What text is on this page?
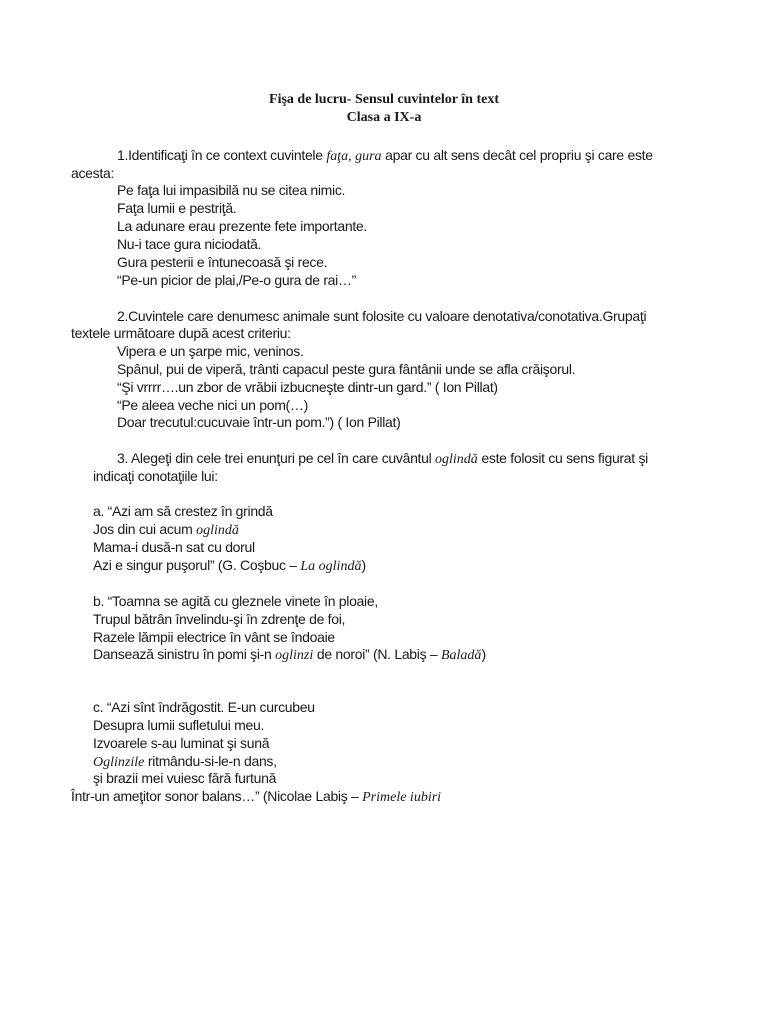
Fişa de lucru- Sensul cuvintelor în text
Clasa a IX-a
1.Identificaţi în ce context cuvintele faţa, gura apar cu alt sens decât cel propriu şi care este
acesta:
Pe faţa lui impasibilă nu se citea nimic.
Faţa lumii e pestriţă.
La adunare erau prezente fete importante.
Nu-i tace gura niciodată.
Gura pesterii e întunecoasă şi rece.
“Pe-un picior de plai,/Pe-o gura de rai…”
2.Cuvintele care denumesc animale sunt folosite cu valoare denotativa/conotativa.Grupaţi
textele următoare după acest criteriu:
Vipera e un şarpe mic, veninos.
Spânul, pui de viperă, trânti capacul peste gura fântânii unde se afla crăişorul.
“Şi vrrrr….un zbor de vrăbii izbucneşte dintr-un gard.” ( Ion Pillat)
“Pe aleea veche nici un pom(…)
Doar trecutul:cucuvaie într-un pom.”) ( Ion Pillat)
3. Alegeţi din cele trei enunţuri pe cel în care cuvântul oglindă este folosit cu sens figurat şi
indicaţi conotaţiile lui:
a. “Azi am să crestez în grindă
Jos din cui acum oglindă
Mama-i dusă-n sat cu dorul
Azi e singur puşorul” (G. Coşbuc – La oglindă)
b. “Toamna se agită cu gleznele vinete în ploaie,
Trupul bătrân învelindu-şi în zdrenţe de foi,
Razele lămpii electrice în vânt se îndoaie
Dansează sinistru în pomi şi-n oglinzi de noroi” (N. Labiş – Baladă)
c. “Azi sînt îndrăgostit. E-un curcubeu
Desupra lumii sufletului meu.
Izvoarele s-au luminat şi sună
Oglinzile ritmându-si-le-n dans,
şi brazii mei vuiesc fără furtună
Într-un ameţitor sonor balans…” (Nicolae Labiş – Primele iubiri
